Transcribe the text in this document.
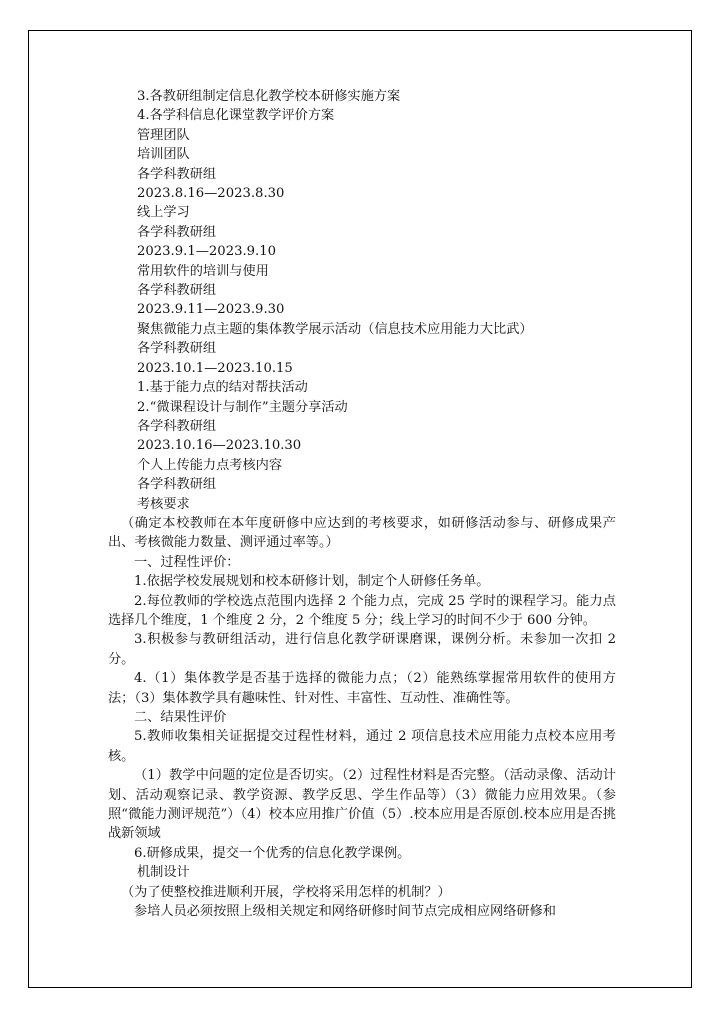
3.各教研组制定信息化教学校本研修实施方案

4.各学科信息化课堂教学评价方案

管理团队

培训团队

各学科教研组

2023.8.16—2023.8.30

线上学习

各学科教研组

2023.9.1—2023.9.10

常用软件的培训与使用

各学科教研组

2023.9.11—2023.9.30

聚焦微能力点主题的集体教学展示活动（信息技术应用能力大比武）

各学科教研组

2023.10.1—2023.10.15

1.基于能力点的结对帮扶活动

2.“微课程设计与制作”主题分享活动

各学科教研组

2023.10.16—2023.10.30

个人上传能力点考核内容

各学科教研组

考核要求

（确定本校教师在本年度研修中应达到的考核要求，如研修活动参与、研修成果产出、考核微能力数量、测评通过率等。）

一、过程性评价：

1.依据学校发展规划和校本研修计划，制定个人研修任务单。

2.每位教师的学校选点范围内选择 2 个能力点，完成 25 学时的课程学习。能力点选择几个维度，1 个维度 2 分，2 个维度 5 分；线上学习的时间不少于 600 分钟。

3.积极参与教研组活动，进行信息化教学研课磨课，课例分析。未参加一次扣 2 分。

4.（1）集体教学是否基于选择的微能力点；（2）能熟练掌握常用软件的使用方法；（3）集体教学具有趣味性、针对性、丰富性、互动性、准确性等。

二、结果性评价

5.教师收集相关证据提交过程性材料，通过 2 项信息技术应用能力点校本应用考核。

（1）教学中问题的定位是否切实。（2）过程性材料是否完整。（活动录像、活动计划、活动观察记录、教学资源、教学反思、学生作品等）（3）微能力应用效果。（参照“微能力测评规范”）（4）校本应用推广价值（5）.校本应用是否原创.校本应用是否挑战新领域

6.研修成果，提交一个优秀的信息化教学课例。

机制设计

（为了使整校推进顺利开展，学校将采用怎样的机制？）

参培人员必须按照上级相关规定和网络研修时间节点完成相应网络研修和
